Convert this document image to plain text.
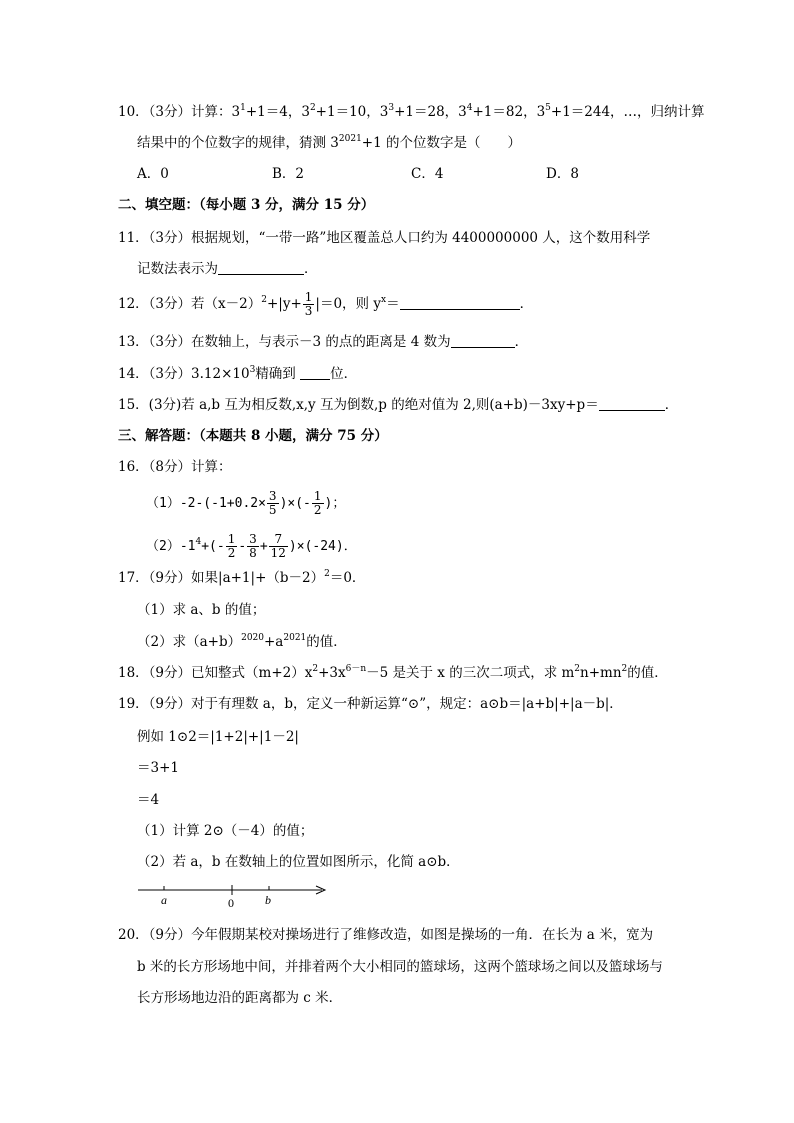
10．（3分）计算：$3^1+1=4$，$3^2+1=10$，$3^3+1=28$，$3^4+1=82$，$3^5+1=244$，…，归纳计算
结果中的个位数字的规律，猜测 $3^{2021}+1$ 的个位数字是（　　）
A．0	B．2	C．4	D．8
二、填空题：（每小题 3 分，满分 15 分）
11．（3分）根据规划，“一带一路”地区覆盖总人口约为 4400000000 人，这个数用科学
记数法表示为	．
12．（3分）若$(x-2)^2+|y+ \frac{1}{3} |=0$，则 $y^x=$	．
13．（3分）在数轴上，与表示－3 的点的距离是 4 数为	．
14．（3分）$3.12\times 10^3$精确到 位．
15．(3分)若 a,b 互为相反数,x,y 互为倒数,p 的绝对值为 2,则(a+b)－3xy+p＝	．
三、解答题：（本题共 8 小题，满分 75 分）
16．（8分）计算：
$(1)-2-(-1+0.2\times \frac{3}{5}$ )×(- $\frac{1}{2}$ )；
$(2)-1^4+(- \frac{1}{2} - \frac{3}{8} + \frac{7}{12} )\times(-24)$．
17．（9分）如果$|a+1|+(b-2)^2=0$．
（1）求 a、b 的值；
（2）求$(a+b)^{2020}+a^{2021}$的值．
18．（9分）已知整式$(m+2)x^2+3x^{6-n}-5$ 是关于 x 的三次二项式，求 $m^2n+mn^2$的值．
19．（9分）对于有理数 a，b，定义一种新运算“⊙”，规定：a⊙b＝|a+b|+|a－b|．
例如 1⊙2＝|1+2|+|1－2|
＝3+1
＝4
（1）计算 2⊙（－4）的值；
（2）若 a，b 在数轴上的位置如图所示，化简 a⊙b．
a	0	b
20．（9分）今年假期某校对操场进行了维修改造，如图是操场的一角．在长为 a 米，宽为
b 米的长方形场地中间，并排着两个大小相同的篮球场，这两个篮球场之间以及篮球场与
长方形场地边沿的距离都为 c 米．
